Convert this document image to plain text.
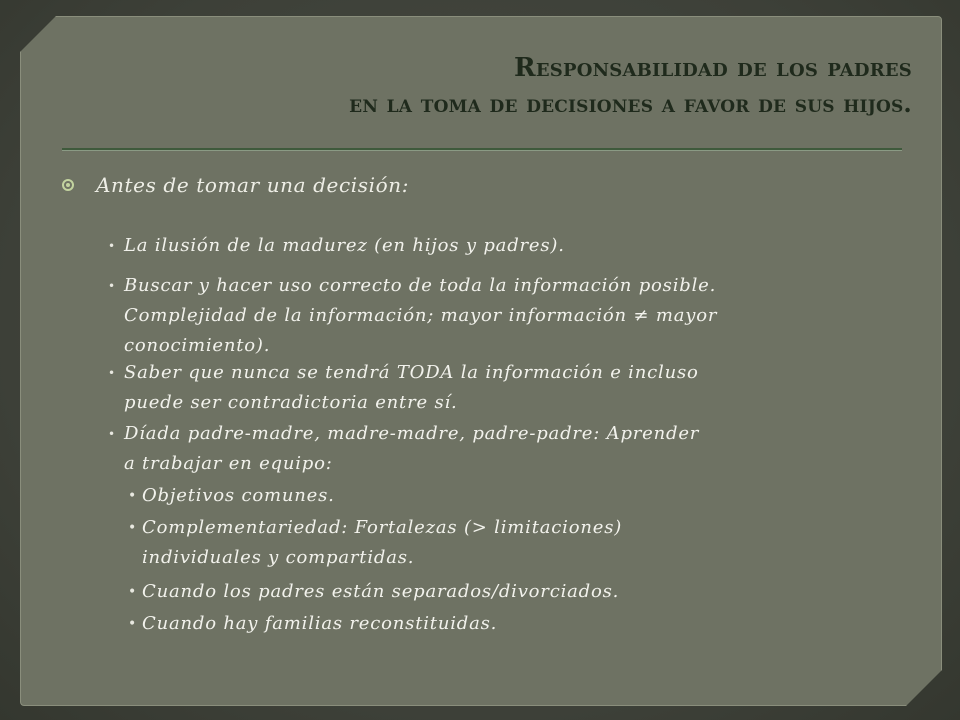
Responsabilidad de los padres
en la toma de decisiones a favor de sus hijos.
Antes de tomar una decisión:
• La ilusión de la madurez (en hijos y padres).
• Buscar y hacer uso correcto de toda la información posible.
Complejidad de la información; mayor información ≠ mayor
conocimiento).
• Saber que nunca se tendrá TODA la información e incluso
puede ser contradictoria entre sí.
• Díada padre-madre, madre-madre, padre-padre: Aprender
a trabajar en equipo:
• Objetivos comunes.
• Complementariedad: Fortalezas (> limitaciones)
individuales y compartidas.
• Cuando los padres están separados/divorciados.
• Cuando hay familias reconstituidas.
